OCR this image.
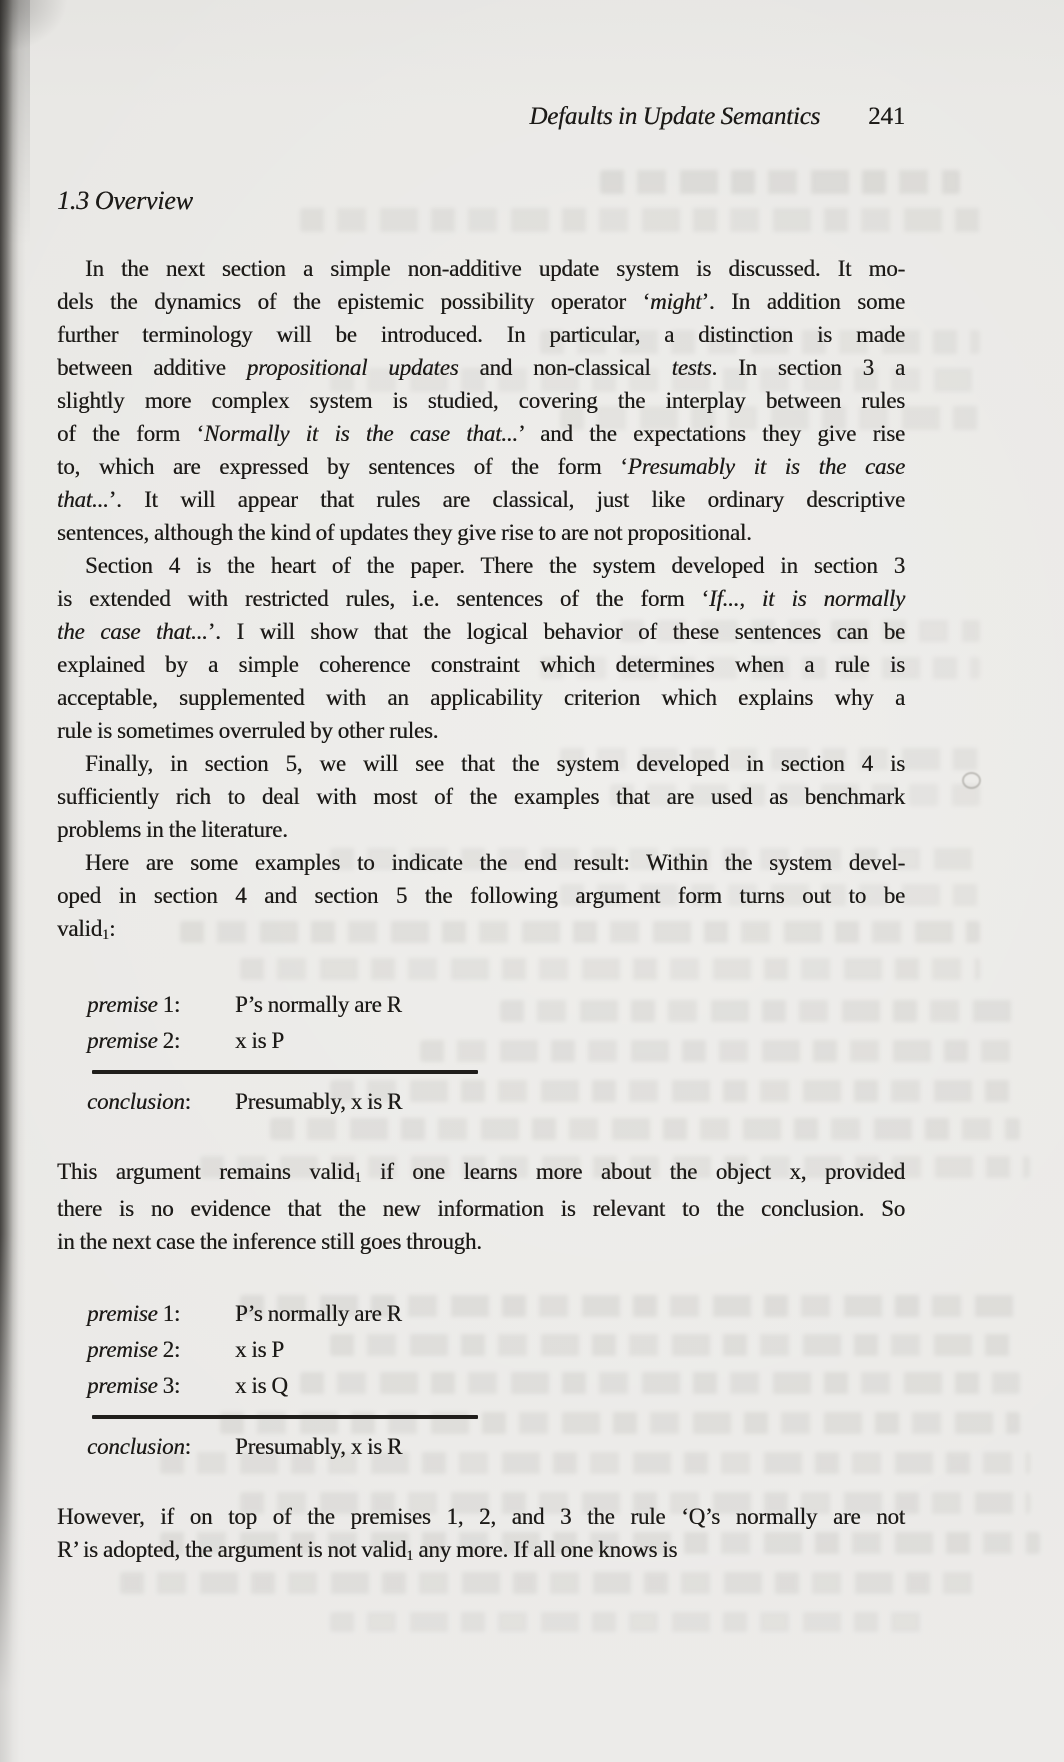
Defaults in Update Semantics 241
1.3 Overview
In the next section a simple non-additive update system is discussed. It mo-
dels the dynamics of the epistemic possibility operator ‘might’. In addition some
further terminology will be introduced. In particular, a distinction is made
between additive propositional updates and non-classical tests. In section 3 a
slightly more complex system is studied, covering the interplay between rules
of the form ‘Normally it is the case that...’ and the expectations they give rise
to, which are expressed by sentences of the form ‘Presumably it is the case
that...’. It will appear that rules are classical, just like ordinary descriptive
sentences, although the kind of updates they give rise to are not propositional.
Section 4 is the heart of the paper. There the system developed in section 3
is extended with restricted rules, i.e. sentences of the form ‘If..., it is normally
the case that...’. I will show that the logical behavior of these sentences can be
explained by a simple coherence constraint which determines when a rule is
acceptable, supplemented with an applicability criterion which explains why a
rule is sometimes overruled by other rules.
Finally, in section 5, we will see that the system developed in section 4 is
sufficiently rich to deal with most of the examples that are used as benchmark
problems in the literature.
Here are some examples to indicate the end result: Within the system devel-
oped in section 4 and section 5 the following argument form turns out to be
valid1:
premise 1:	P’s normally are R
premise 2:	x is P
conclusion:	Presumably, x is R
This argument remains valid1 if one learns more about the object x, provided
there is no evidence that the new information is relevant to the conclusion. So
in the next case the inference still goes through.
premise 1:	P’s normally are R
premise 2:	x is P
premise 3:	x is Q
conclusion:	Presumably, x is R
However, if on top of the premises 1, 2, and 3 the rule ‘Q’s normally are not
R’ is adopted, the argument is not valid1 any more. If all one knows is
